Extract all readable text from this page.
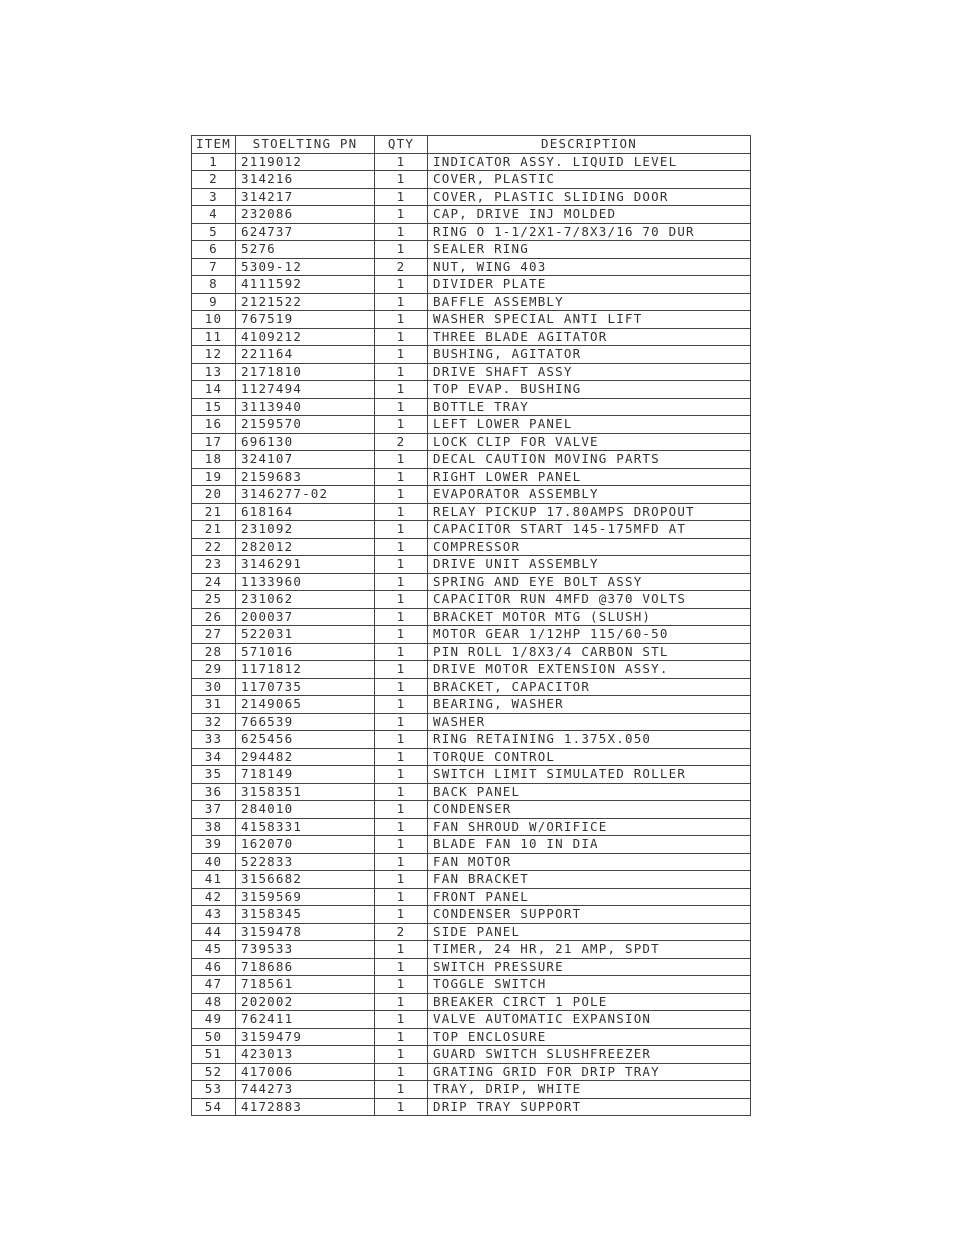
ITEM	STOELTING PN	QTY	DESCRIPTION
1	2119012	1	INDICATOR ASSY. LIQUID LEVEL
2	314216	1	COVER, PLASTIC
3	314217	1	COVER, PLASTIC SLIDING DOOR
4	232086	1	CAP, DRIVE INJ MOLDED
5	624737	1	RING O 1-1/2X1-7/8X3/16 70 DUR
6	5276	1	SEALER RING
7	5309-12	2	NUT, WING 403
8	4111592	1	DIVIDER PLATE
9	2121522	1	BAFFLE ASSEMBLY
10	767519	1	WASHER SPECIAL ANTI LIFT
11	4109212	1	THREE BLADE AGITATOR
12	221164	1	BUSHING, AGITATOR
13	2171810	1	DRIVE SHAFT ASSY
14	1127494	1	TOP EVAP. BUSHING
15	3113940	1	BOTTLE TRAY
16	2159570	1	LEFT LOWER PANEL
17	696130	2	LOCK CLIP FOR VALVE
18	324107	1	DECAL CAUTION MOVING PARTS
19	2159683	1	RIGHT LOWER PANEL
20	3146277-02	1	EVAPORATOR ASSEMBLY
21	618164	1	RELAY PICKUP 17.80AMPS DROPOUT
21	231092	1	CAPACITOR START 145-175MFD AT
22	282012	1	COMPRESSOR
23	3146291	1	DRIVE UNIT ASSEMBLY
24	1133960	1	SPRING AND EYE BOLT ASSY
25	231062	1	CAPACITOR RUN 4MFD @370 VOLTS
26	200037	1	BRACKET MOTOR MTG (SLUSH)
27	522031	1	MOTOR GEAR 1/12HP 115/60-50
28	571016	1	PIN ROLL 1/8X3/4 CARBON STL
29	1171812	1	DRIVE MOTOR EXTENSION ASSY.
30	1170735	1	BRACKET, CAPACITOR
31	2149065	1	BEARING, WASHER
32	766539	1	WASHER
33	625456	1	RING RETAINING 1.375X.050
34	294482	1	TORQUE CONTROL
35	718149	1	SWITCH LIMIT SIMULATED ROLLER
36	3158351	1	BACK PANEL
37	284010	1	CONDENSER
38	4158331	1	FAN SHROUD W/ORIFICE
39	162070	1	BLADE FAN 10 IN DIA
40	522833	1	FAN MOTOR
41	3156682	1	FAN BRACKET
42	3159569	1	FRONT PANEL
43	3158345	1	CONDENSER SUPPORT
44	3159478	2	SIDE PANEL
45	739533	1	TIMER, 24 HR, 21 AMP, SPDT
46	718686	1	SWITCH PRESSURE
47	718561	1	TOGGLE SWITCH
48	202002	1	BREAKER CIRCT 1 POLE
49	762411	1	VALVE AUTOMATIC EXPANSION
50	3159479	1	TOP ENCLOSURE
51	423013	1	GUARD SWITCH SLUSHFREEZER
52	417006	1	GRATING GRID FOR DRIP TRAY
53	744273	1	TRAY, DRIP, WHITE
54	4172883	1	DRIP TRAY SUPPORT
